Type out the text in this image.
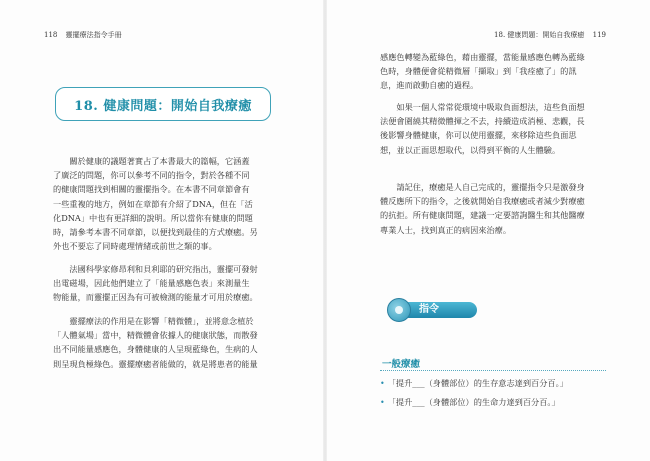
118 靈擺療法指令手冊
18. 健康問題：開始自我療癒

　　關於健康的議題著實占了本書最大的篇幅，它涵蓋
了廣泛的問題，你可以參考不同的指令，對於各種不同
的健康問題找到相關的靈擺指令。在本書不同章節會有
一些重複的地方，例如在章節有介紹了DNA，但在「活
化DNA」中也有更詳細的說明。所以當你有健康的問題
時，請參考本書不同章節，以便找到最佳的方式療癒。另
外也不要忘了同時處理情緒或前世之類的事。

　　法國科學家修昂利和貝利耶的研究指出，靈擺可發射
出電磁場，因此他們建立了「能量感應色表」來測量生
物能量，而靈擺正因為有可被檢測的能量才可用於療癒。

　　靈擺療法的作用是在影響「精微體」，並將意念植於
「人體氣場」當中，精微體會依據人的健康狀態，而散發
出不同能量感應色，身體健康的人呈現藍綠色，生病的人
則呈現負極綠色。靈擺療癒者能做的，就是將患者的能量

18. 健康問題：開始自我療癒 119

感應色轉變為藍綠色，藉由靈擺，當能量感應色轉為藍綠
色時，身體便會從精微層「擷取」到「我痊癒了」的訊
息，進而啟動自癒的過程。

　　如果一個人常常從環境中吸取負面想法，這些負面想
法便會圍繞其精微體揮之不去，持續造成消極、悲觀，長
後影響身體健康，你可以使用靈擺，來移除這些負面思
想，並以正面思想取代，以得到平衡的人生體驗。

　　請記住，療癒是人自己完成的，靈擺指令只是激發身
體反應所下的指令，之後就開始自我療癒或者減少對療癒
的抗拒。所有健康問題，建議一定要諮詢醫生和其他醫療
專業人士，找到真正的病因來治療。

指令
一般療癒
• 「提升___（身體部位）的生存意志達到百分百。」
• 「提升___（身體部位）的生命力達到百分百。」
